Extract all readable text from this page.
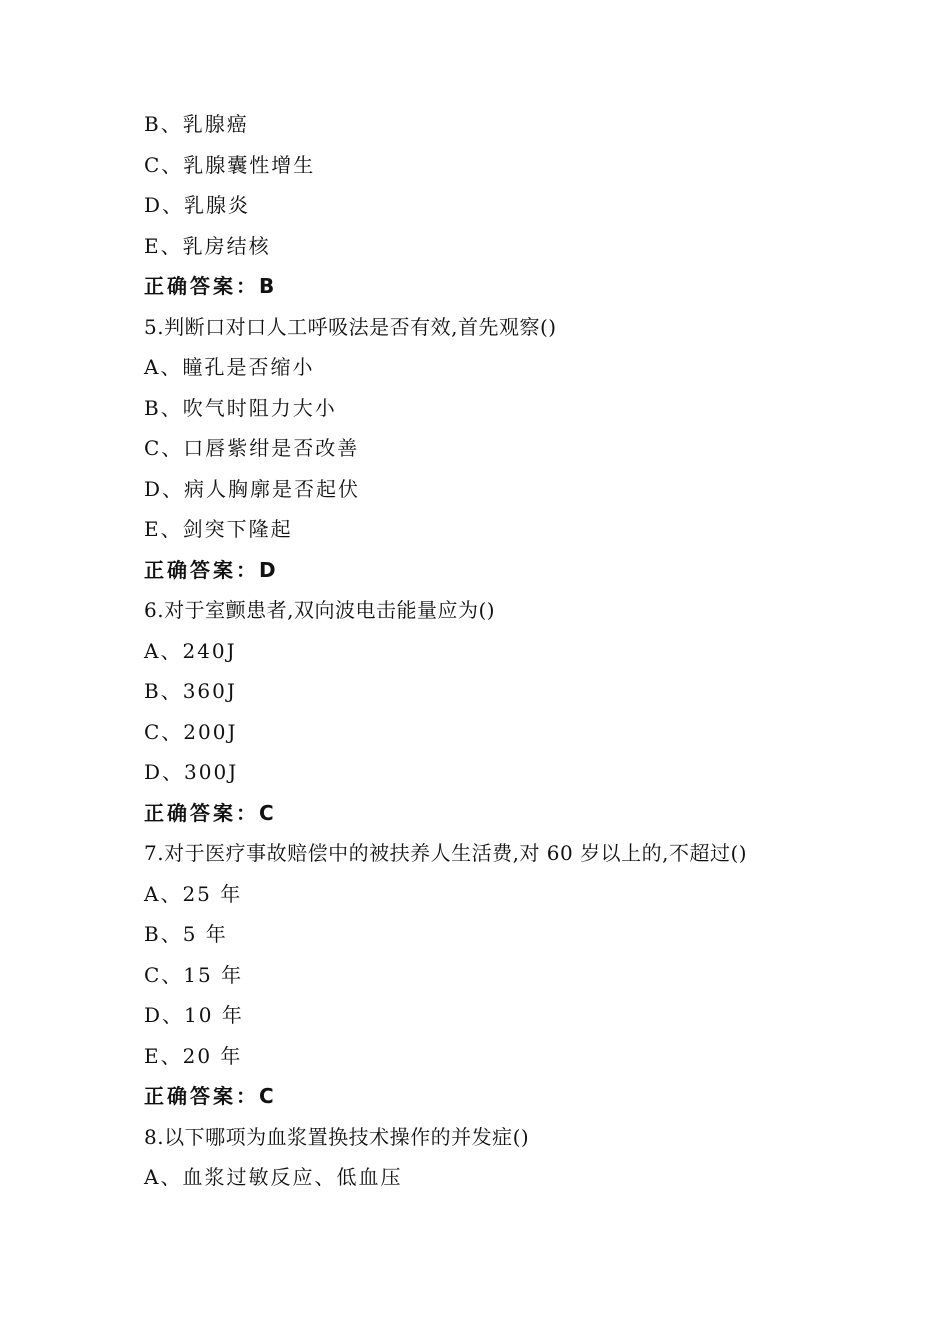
B、乳腺癌
C、乳腺囊性增生
D、乳腺炎
E、乳房结核
正确答案：B
5.判断口对口人工呼吸法是否有效,首先观察()
A、瞳孔是否缩小
B、吹气时阻力大小
C、口唇紫绀是否改善
D、病人胸廓是否起伏
E、剑突下隆起
正确答案：D
6.对于室颤患者,双向波电击能量应为()
A、240J
B、360J
C、200J
D、300J
正确答案：C
7.对于医疗事故赔偿中的被扶养人生活费,对 60 岁以上的,不超过()
A、25 年
B、5 年
C、15 年
D、10 年
E、20 年
正确答案：C
8.以下哪项为血浆置换技术操作的并发症()
A、血浆过敏反应、低血压
